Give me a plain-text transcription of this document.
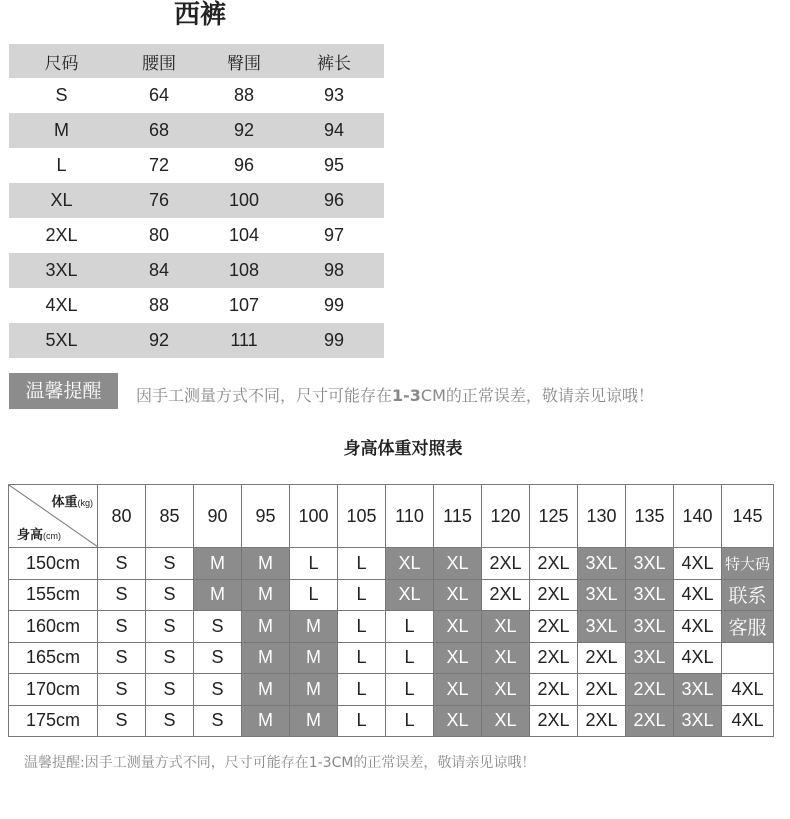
西裤
尺码	腰围	臀围	裤长
S	64	88	93
M	68	92	94
L	72	96	95
XL	76	100	96
2XL	80	104	97
3XL	84	108	98
4XL	88	107	99
5XL	92	111	99
温馨提醒	因手工测量方式不同，尺寸可能存在1-3CM的正常误差，敬请亲见谅哦！
身高体重对照表
体重(kg)
身高(cm)	80	85	90	95	100	105	110	115	120	125	130	135	140	145
150cm	S	S	M	M	L	L	XL	XL	2XL	2XL	3XL	3XL	4XL	特大码
155cm	S	S	M	M	L	L	XL	XL	2XL	2XL	3XL	3XL	4XL	联系
160cm	S	S	S	M	M	L	L	XL	XL	2XL	3XL	3XL	4XL	客服
165cm	S	S	S	M	M	L	L	XL	XL	2XL	2XL	3XL	4XL	
170cm	S	S	S	M	M	L	L	XL	XL	2XL	2XL	2XL	3XL	4XL
175cm	S	S	S	M	M	L	L	XL	XL	2XL	2XL	2XL	3XL	4XL
温馨提醒:因手工测量方式不同，尺寸可能存在1-3CM的正常误差，敬请亲见谅哦！
